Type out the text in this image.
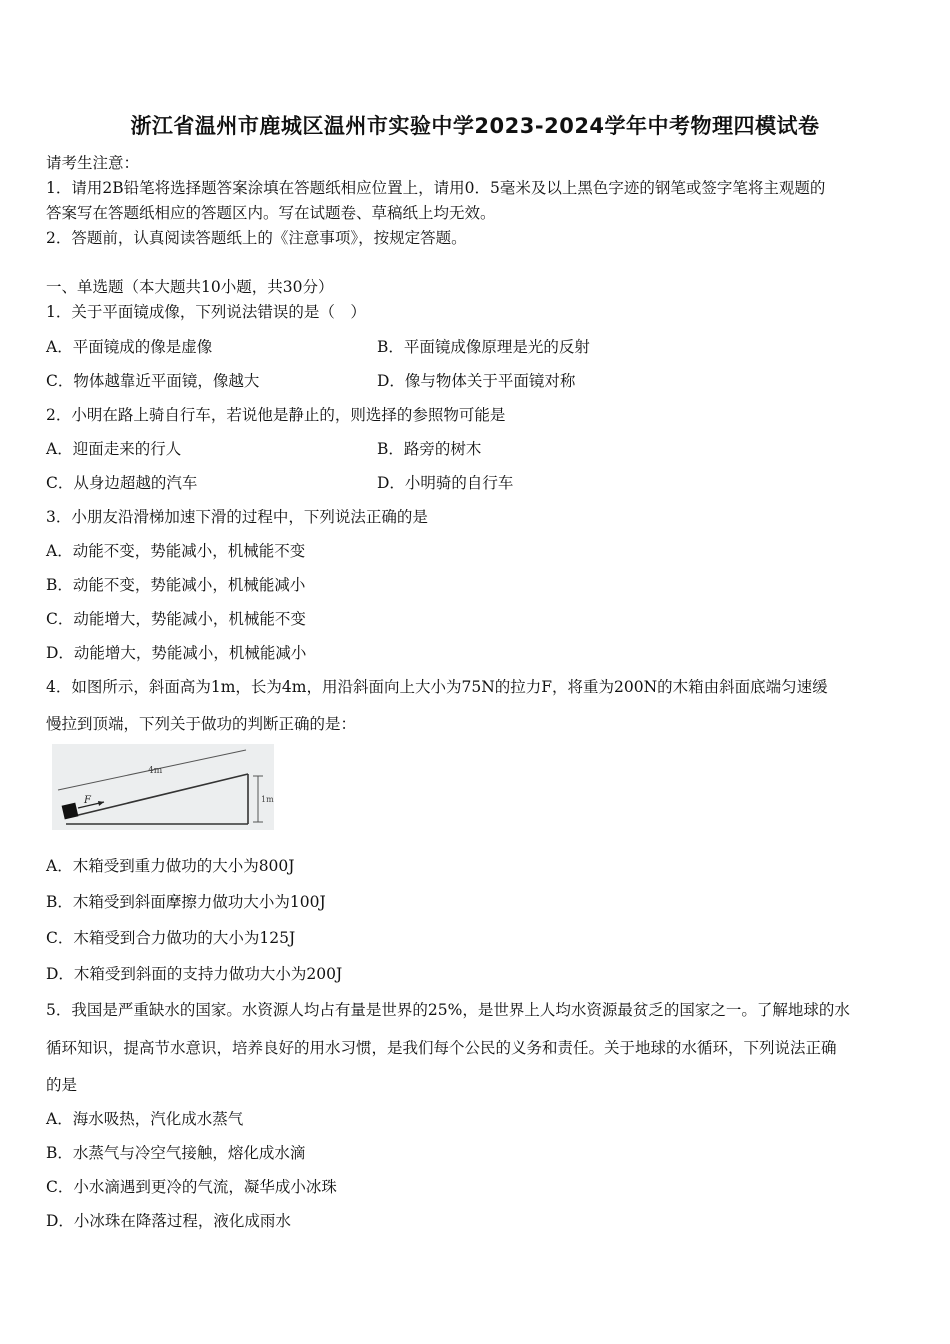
浙江省温州市鹿城区温州市实验中学2023-2024学年中考物理四模试卷
请考生注意：
1．请用2B铅笔将选择题答案涂填在答题纸相应位置上，请用0．5毫米及以上黑色字迹的钢笔或签字笔将主观题的
答案写在答题纸相应的答题区内。写在试题卷、草稿纸上均无效。
2．答题前，认真阅读答题纸上的《注意事项》，按规定答题。
一、单选题（本大题共10小题，共30分）
1．关于平面镜成像，下列说法错误的是（　）
A．平面镜成的像是虚像	B．平面镜成像原理是光的反射
C．物体越靠近平面镜，像越大	D．像与物体关于平面镜对称
2．小明在路上骑自行车，若说他是静止的，则选择的参照物可能是
A．迎面走来的行人	B．路旁的树木
C．从身边超越的汽车	D．小明骑的自行车
3．小朋友沿滑梯加速下滑的过程中，下列说法正确的是
A．动能不变，势能减小，机械能不变
B．动能不变，势能减小，机械能减小
C．动能增大，势能减小，机械能不变
D．动能增大，势能减小，机械能减小
4．如图所示，斜面高为1m，长为4m，用沿斜面向上大小为75N的拉力F，将重为200N的木箱由斜面底端匀速缓
慢拉到顶端，下列关于做功的判断正确的是：
4m
1m
F
A．木箱受到重力做功的大小为800J
B．木箱受到斜面摩擦力做功大小为100J
C．木箱受到合力做功的大小为125J
D．木箱受到斜面的支持力做功大小为200J
5．我国是严重缺水的国家。水资源人均占有量是世界的25%，是世界上人均水资源最贫乏的国家之一。了解地球的水
循环知识，提高节水意识，培养良好的用水习惯，是我们每个公民的义务和责任。关于地球的水循环，下列说法正确
的是
A．海水吸热，汽化成水蒸气
B．水蒸气与冷空气接触，熔化成水滴
C．小水滴遇到更冷的气流，凝华成小冰珠
D．小冰珠在降落过程，液化成雨水
